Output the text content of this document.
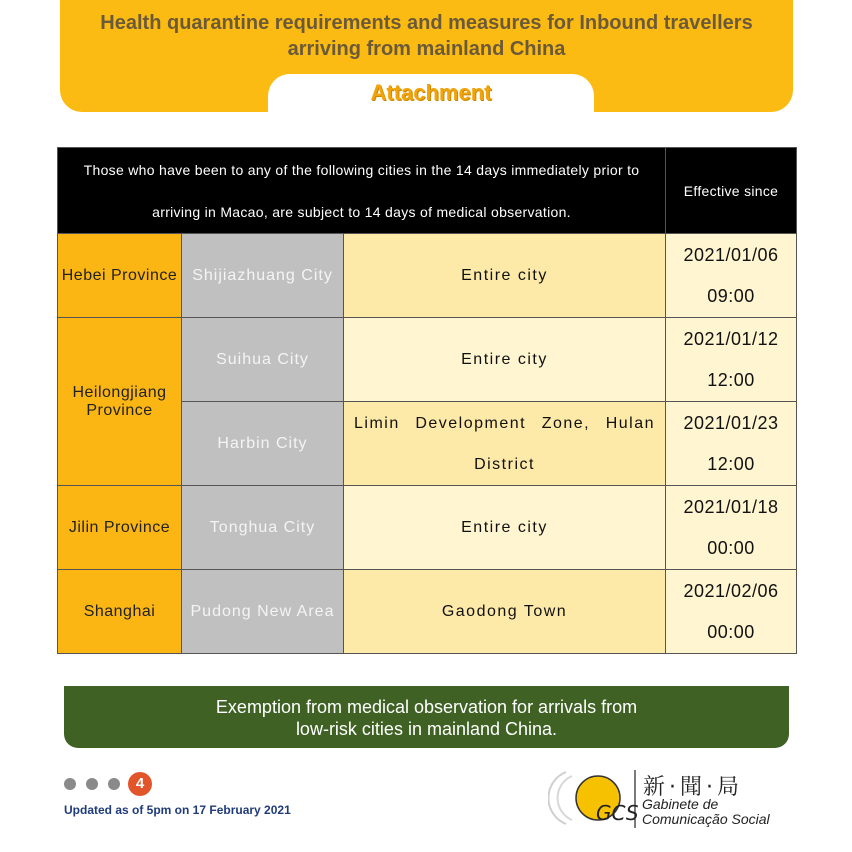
Health quarantine requirements and measures for Inbound travellers
arriving from mainland China
Attachment
Those who have been to any of the following cities in the 14 days immediately prior to arriving in Macao, are subject to 14 days of medical observation.			Effective since
Hebei Province	Shijiazhuang City	Entire city	2021/01/06
09:00

Heilongjiang Province	Suihua City	Entire city	2021/01/12
12:00

	Harbin City	Limin Development Zone, Hulan District	2021/01/23
12:00

Jilin Province	Tonghua City	Entire city	2021/01/18
00:00

Shanghai	Pudong New Area	Gaodong Town	2021/02/06
00:00
Exemption from medical observation for arrivals from
low-risk cities in mainland China.
4
Updated as of 5pm on 17 February 2021	GCS
新·聞·局
Gabinete de
Comunicação Social
